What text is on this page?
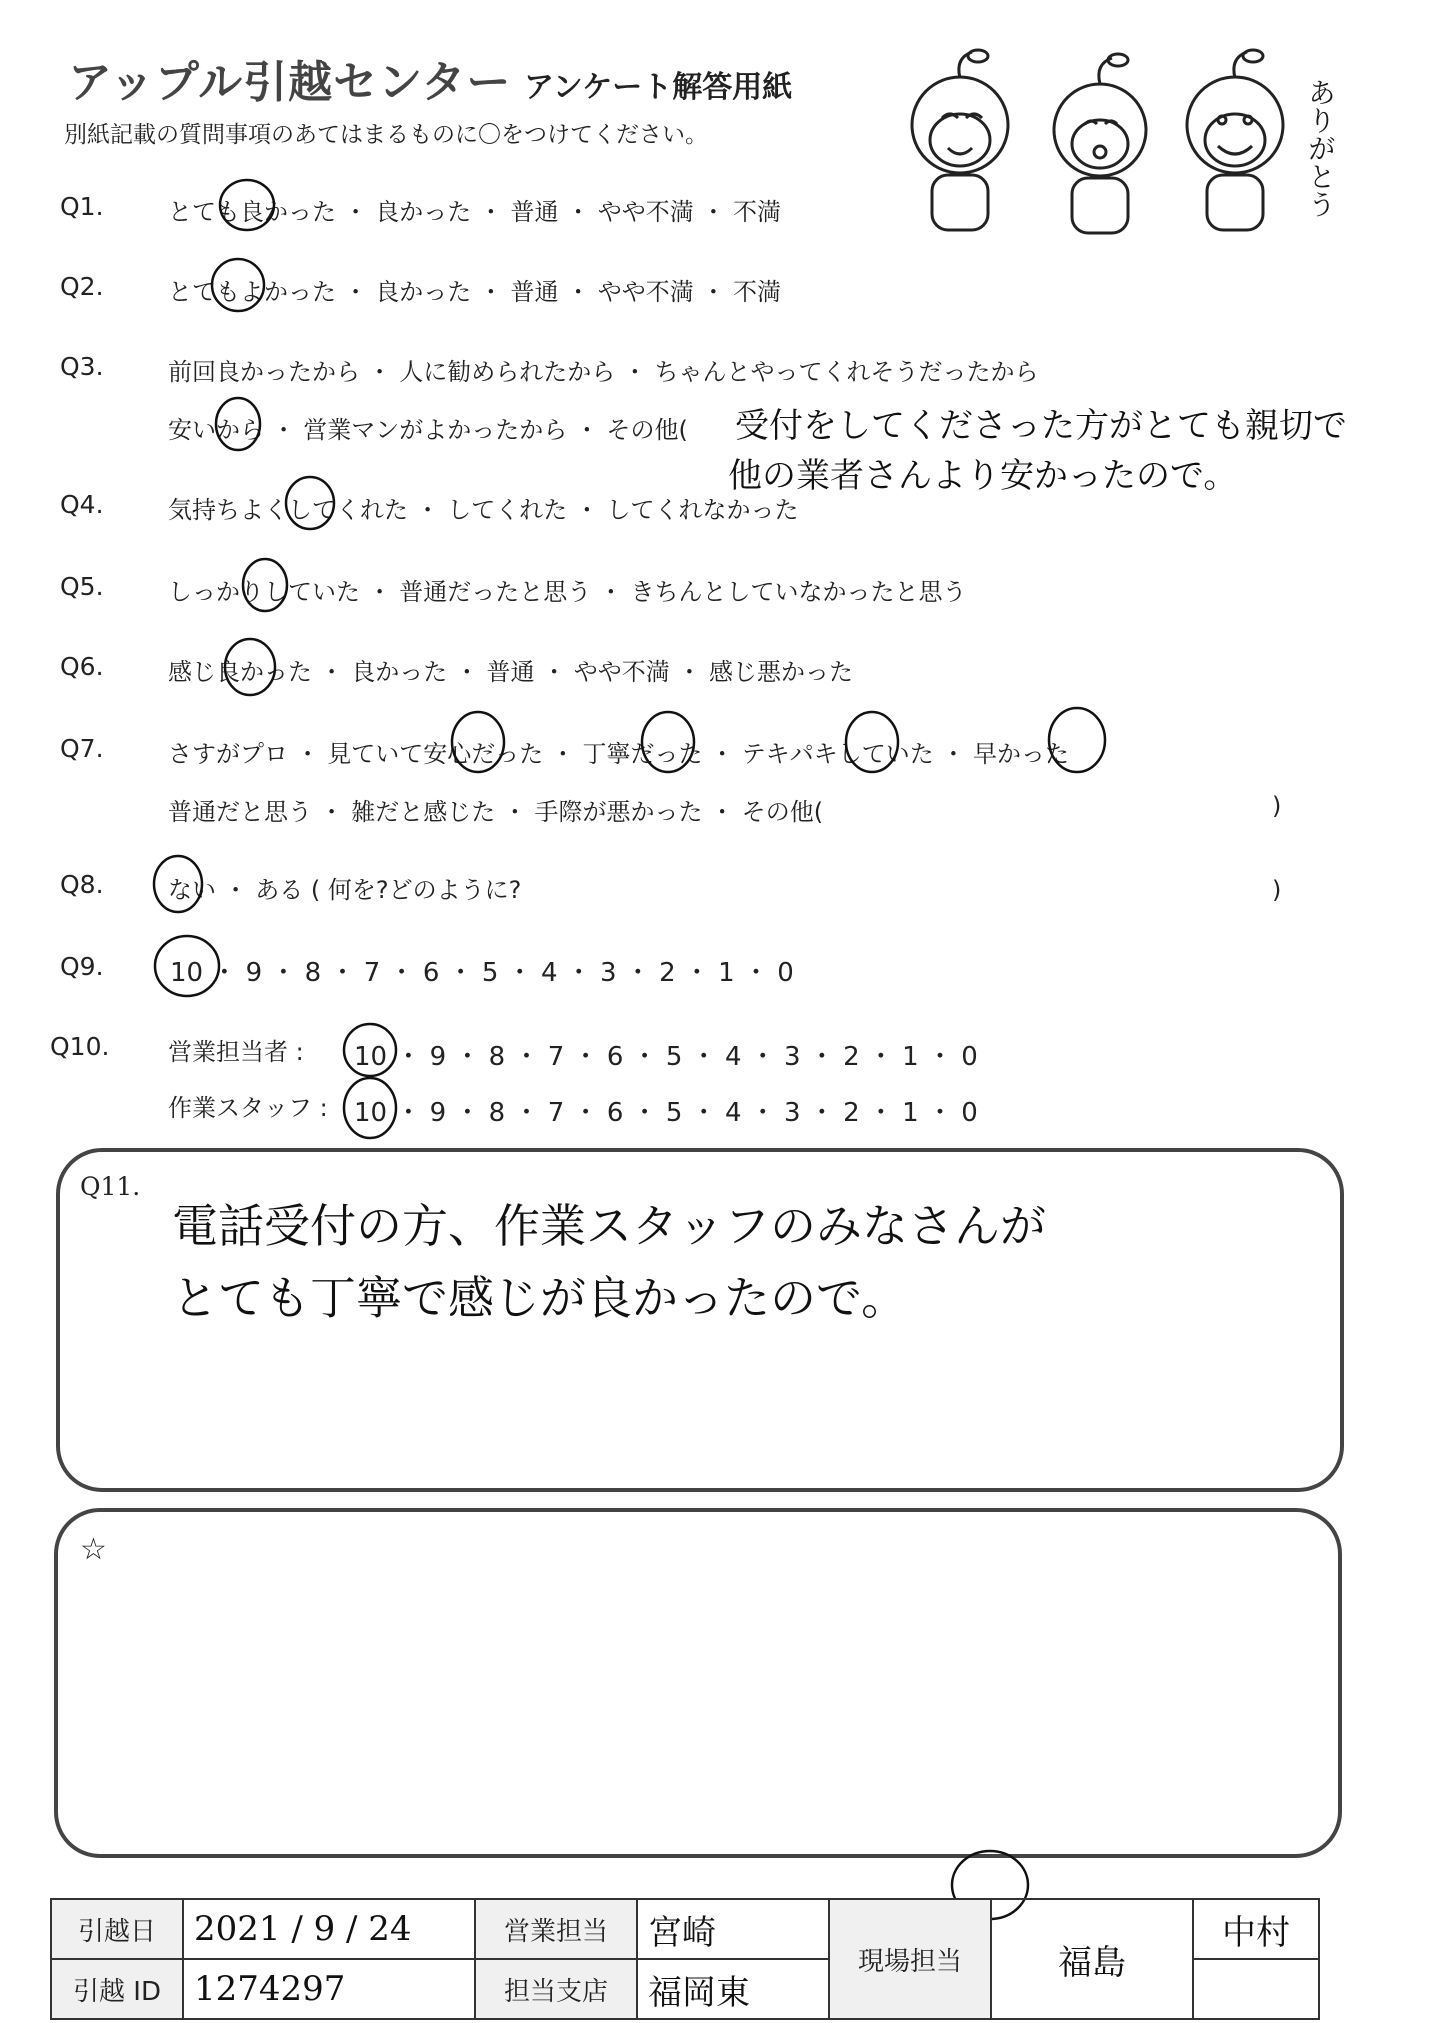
アップル引越センター アンケート解答用紙
別紙記載の質問事項のあてはまるものに〇をつけてください。	ありがとう
Q1.	とても良かった ・ 良かった ・ 普通 ・ やや不満 ・ 不満
Q2.	とてもよかった ・ 良かった ・ 普通 ・ やや不満 ・ 不満
Q3.	前回良かったから ・ 人に勧められたから ・ ちゃんとやってくれそうだったから
安いから ・ 営業マンがよかったから ・ その他( 受付をしてくださった方がとても親切で
他の業者さんより安かったので。
Q4.	気持ちよくしてくれた ・ してくれた ・ してくれなかった
Q5.	しっかりしていた ・ 普通だったと思う ・ きちんとしていなかったと思う
Q6.	感じ良かった ・ 良かった ・ 普通 ・ やや不満 ・ 感じ悪かった
Q7.	さすがプロ ・ 見ていて安心だった ・ 丁寧だった ・ テキパキしていた ・ 早かった
普通だと思う ・ 雑だと感じた ・ 手際が悪かった ・ その他(	)
Q8.	ない ・ ある ( 何を?どのように?	)
Q9.	10 ・ 9 ・ 8 ・ 7 ・ 6 ・ 5 ・ 4 ・ 3 ・ 2 ・ 1 ・ 0
Q10. 営業担当者 : 10 ・ 9 ・ 8 ・ 7 ・ 6 ・ 5 ・ 4 ・ 3 ・ 2 ・ 1 ・ 0
作業スタッフ : 10 ・ 9 ・ 8 ・ 7 ・ 6 ・ 5 ・ 4 ・ 3 ・ 2 ・ 1 ・ 0
Q11.
電話受付の方、作業スタッフのみなさんが
とても丁寧で感じが良かったので。
☆
引越日	2021 / 9 / 24	営業担当	宮崎	現場担当	福島	中村
引越 ID	1274297	担当支店	福岡東			
